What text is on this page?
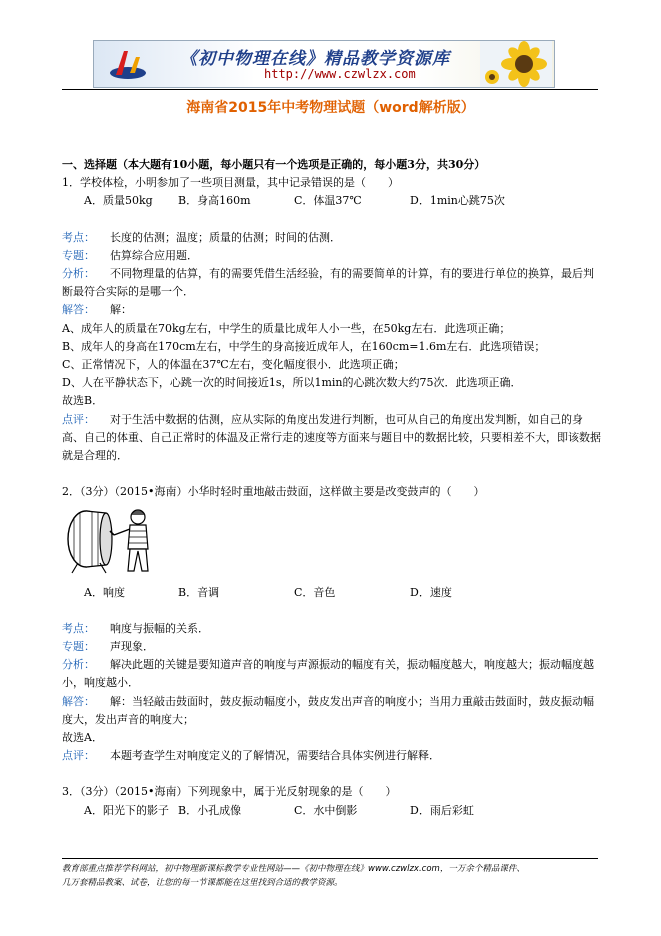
《初中物理在线》精品教学资源库
http://www.czwlzx.com
海南省2015年中考物理试题（word解析版）
一、选择题（本大题有10小题，每小题只有一个选项是正确的，每小题3分，共30分）
1．学校体检，小明参加了一些项目测量，其中记录错误的是（　　）
A．质量50kg	B．身高160m	C．体温37℃	D．1min心跳75次
考点：	长度的估测；温度；质量的估测；时间的估测．
专题：	估算综合应用题．
分析： 不同物理量的估算，有的需要凭借生活经验，有的需要简单的计算，有的要进行单位的换算，最后判断最符合实际的是哪一个．
解答：	解：
A、成年人的质量在70kg左右，中学生的质量比成年人小一些，在50kg左右．此选项正确；
B、成年人的身高在170cm左右，中学生的身高接近成年人，在160cm=1.6m左右．此选项错误；
C、正常情况下，人的体温在37℃左右，变化幅度很小．此选项正确；
D、人在平静状态下，心跳一次的时间接近1s，所以1min的心跳次数大约75次．此选项正确．
故选B．
点评： 对于生活中数据的估测，应从实际的角度出发进行判断，也可从自己的角度出发判断，如自己的身高、自己的体重、自己正常时的体温及正常行走的速度等方面来与题目中的数据比较，只要相差不大，即该数据就是合理的．
2．（3分）（2015•海南）小华时轻时重地敲击鼓面，这样做主要是改变鼓声的（　　）
A．响度	B．音调	C．音色	D．速度
考点：	响度与振幅的关系．
专题：	声现象．
分析： 解决此题的关键是要知道声音的响度与声源振动的幅度有关，振动幅度越大，响度越大；振动幅度越小，响度越小．
解答： 解：当轻敲击鼓面时，鼓皮振动幅度小，鼓皮发出声音的响度小；当用力重敲击鼓面时，鼓皮振动幅度大，发出声音的响度大；
故选A．
点评：	本题考查学生对响度定义的了解情况，需要结合具体实例进行解释．
3．（3分）（2015•海南）下列现象中，属于光反射现象的是（　　）
A．阳光下的影子 B．小孔成像	C．水中倒影	D．雨后彩虹
教育部重点推荐学科网站，初中物理新课标教学专业性网站——《初中物理在线》www.czwlzx.com，一万余个精品课件、
几万套精品教案、试卷，让您的每一节课都能在这里找到合适的教学资源。
